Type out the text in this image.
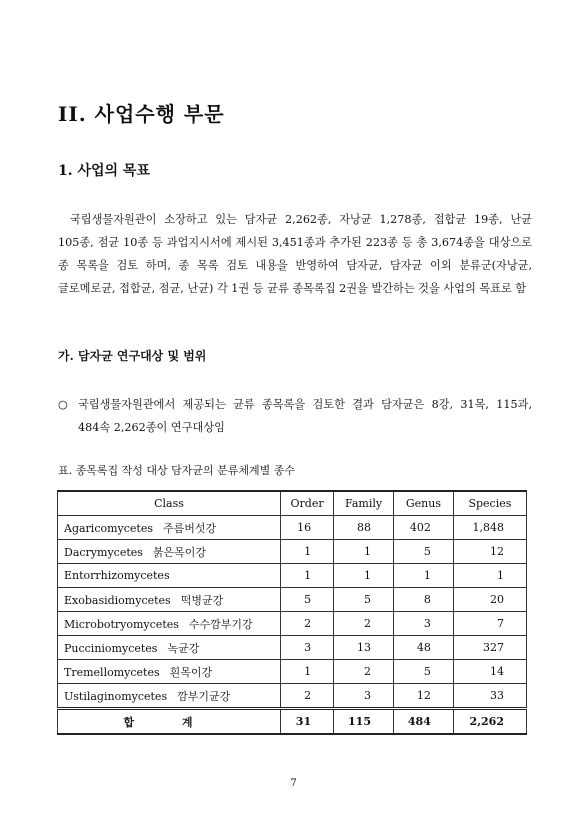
II. 사업수행 부문
1. 사업의 목표

국립생물자원관이 소장하고 있는 담자균 2,262종, 자낭균 1,278종, 접합균 19종, 난균 105종, 점균 10종 등 과업지시서에 제시된 3,451종과 추가된 223종 등 총 3,674종을 대상으로 종 목록을 검토 하며, 종 목록 검토 내용을 반영하여 담자균, 담자균 이외 분류군(자낭균, 글로메로균, 접합균, 점균, 난균) 각 1권 등 균류 종목록집 2권을 발간하는 것을 사업의 목표로 함

가. 담자균 연구대상 및 범위
○ 국립생물자원관에서 제공되는 균류 종목록을 검토한 결과 담자균은 8강, 31목, 115과, 484속 2,262종이 연구대상임
표. 종목록집 작성 대상 담자균의 분류체계별 종수
Class	Order	Family	Genus	Species
Agaricomycetes 주름버섯강	16	88	402	1,848
Dacrymycetes 붉은목이강	1	1	5	12
Entorrhizomycetes	1	1	1	1
Exobasidiomycetes 떡병균강	5	5	8	20
Microbotryomycetes 수수깜부기강	2	2	3	7
Pucciniomycetes 녹균강	3	13	48	327
Tremellomycetes 흰목이강	1	2	5	14
Ustilaginomycetes 깜부기균강	2	3	12	33
합 계	31	115	484	2,262
7
